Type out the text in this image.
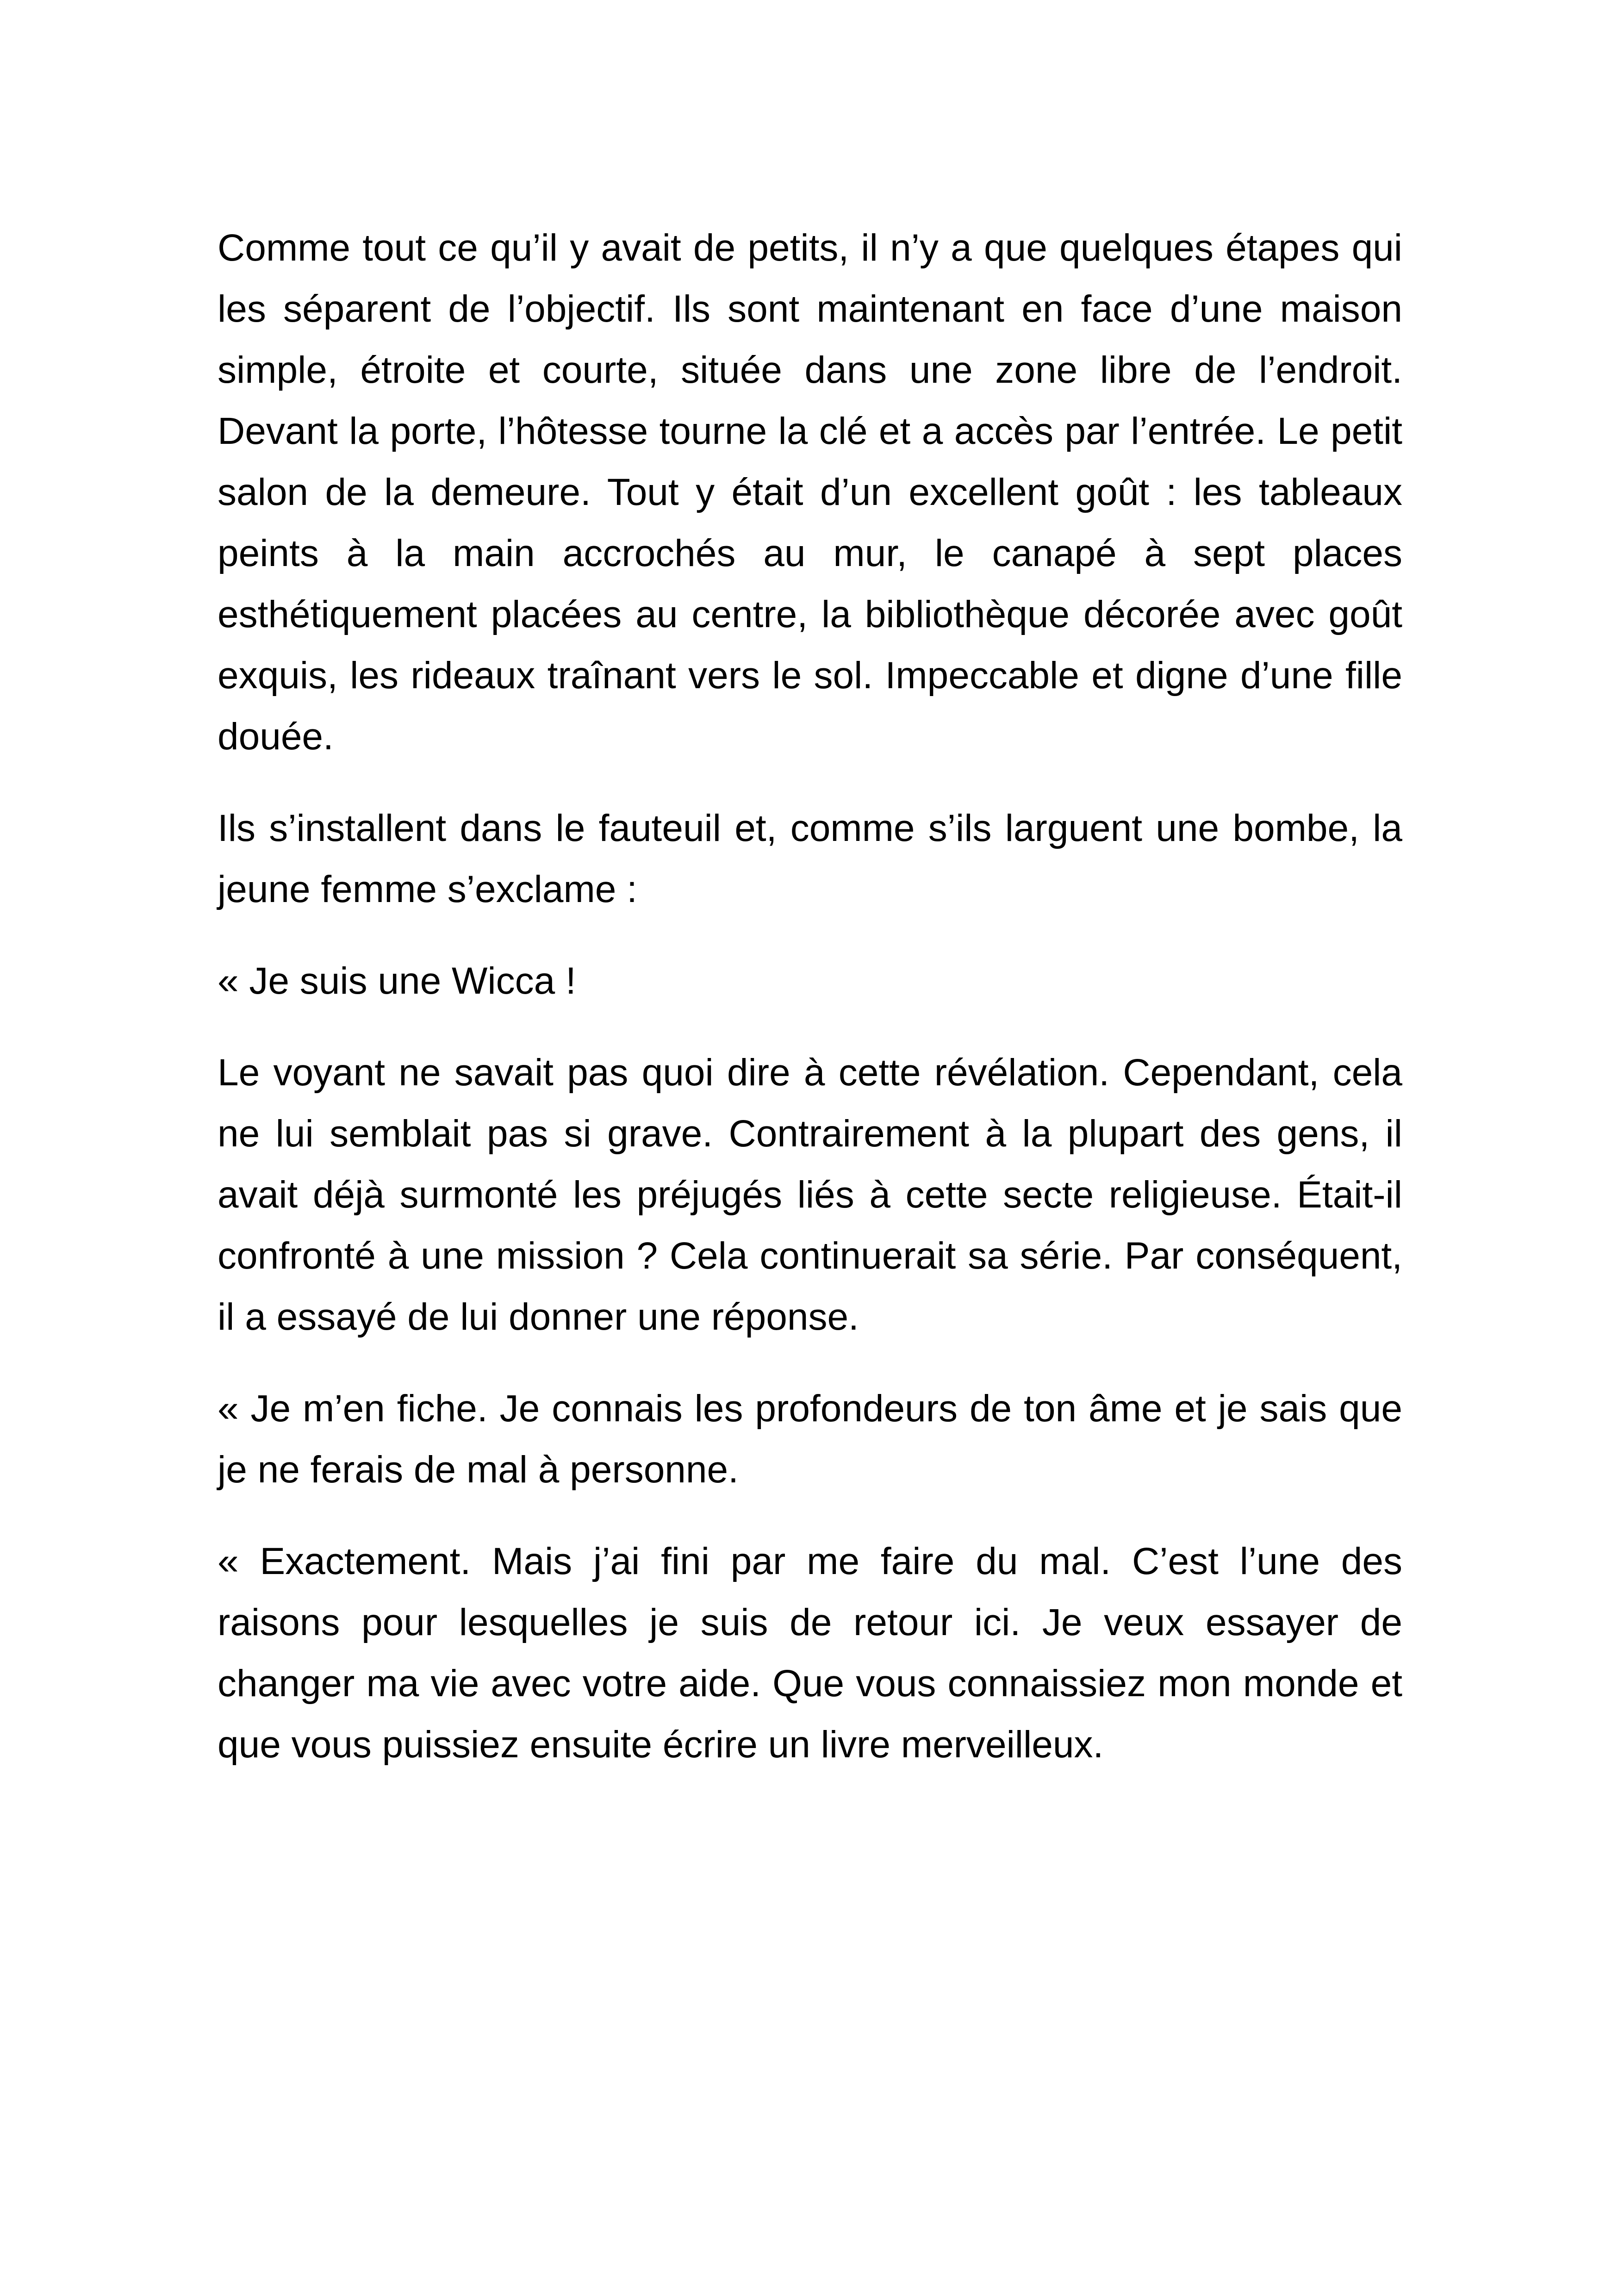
Comme tout ce qu’il y avait de petits, il n’y a que quelques étapes qui les séparent de l’objectif. Ils sont maintenant en face d’une maison simple, étroite et courte, située dans une zone libre de l’endroit. Devant la porte, l’hôtesse tourne la clé et a accès par l’entrée. Le petit salon de la demeure. Tout y était d’un excellent goût : les tableaux peints à la main accrochés au mur, le canapé à sept places esthétiquement placées au centre, la bibliothèque décorée avec goût exquis, les rideaux traînant vers le sol. Impeccable et digne d’une fille douée.

Ils s’installent dans le fauteuil et, comme s’ils larguent une bombe, la jeune femme s’exclame :

« Je suis une Wicca !

Le voyant ne savait pas quoi dire à cette révélation. Cependant, cela ne lui semblait pas si grave. Contrairement à la plupart des gens, il avait déjà surmonté les préjugés liés à cette secte religieuse. Était-il confronté à une mission ? Cela continuerait sa série. Par conséquent, il a essayé de lui donner une réponse.

« Je m’en fiche. Je connais les profondeurs de ton âme et je sais que je ne ferais de mal à personne.

« Exactement. Mais j’ai fini par me faire du mal. C’est l’une des raisons pour lesquelles je suis de retour ici. Je veux essayer de changer ma vie avec votre aide. Que vous connaissiez mon monde et que vous puissiez ensuite écrire un livre merveilleux.
